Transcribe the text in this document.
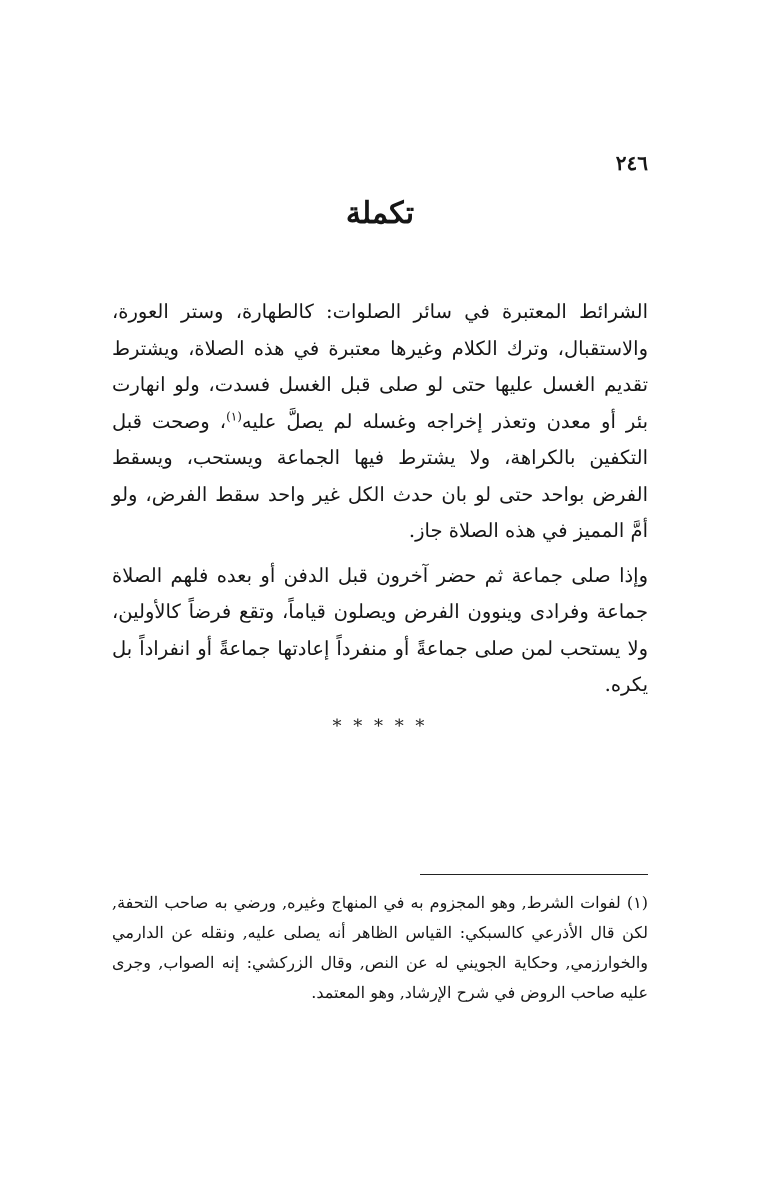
٢٤٦

تكملة

الشرائط المعتبرة في سائر الصلوات: كالطهارة، وستر العورة، والاستقبال، وترك الكلام وغيرها معتبرة في هذه الصلاة، ويشترط تقديم الغسل عليها حتى لو صلى قبل الغسل فسدت، ولو انهارت بئر أو معدن وتعذر إخراجه وغسله لم يصلَّ عليه$^{(١)}$، وصحت قبل التكفين بالكراهة، ولا يشترط فيها الجماعة ويستحب، ويسقط الفرض بواحد حتى لو بان حدث الكل غير واحد سقط الفرض، ولو أمَّ المميز في هذه الصلاة جاز.

وإذا صلى جماعة ثم حضر آخرون قبل الدفن أو بعده فلهم الصلاة جماعة وفرادى وينوون الفرض ويصلون قياماً، وتقع فرضاً كالأولين، ولا يستحب لمن صلى جماعةً أو منفرداً إعادتها جماعةً أو انفراداً بل يكره.

* * * * *

(١) لفوات الشرط, وهو المجزوم به في المنهاج وغيره, ورضي به صاحب التحفة, لكن قال الأذرعي كالسبكي: القياس الظاهر أنه يصلى عليه, ونقله عن الدارمي والخوارزمي, وحكاية الجويني له عن النص, وقال الزركشي: إنه الصواب, وجرى عليه صاحب الروض في شرح الإرشاد, وهو المعتمد.
